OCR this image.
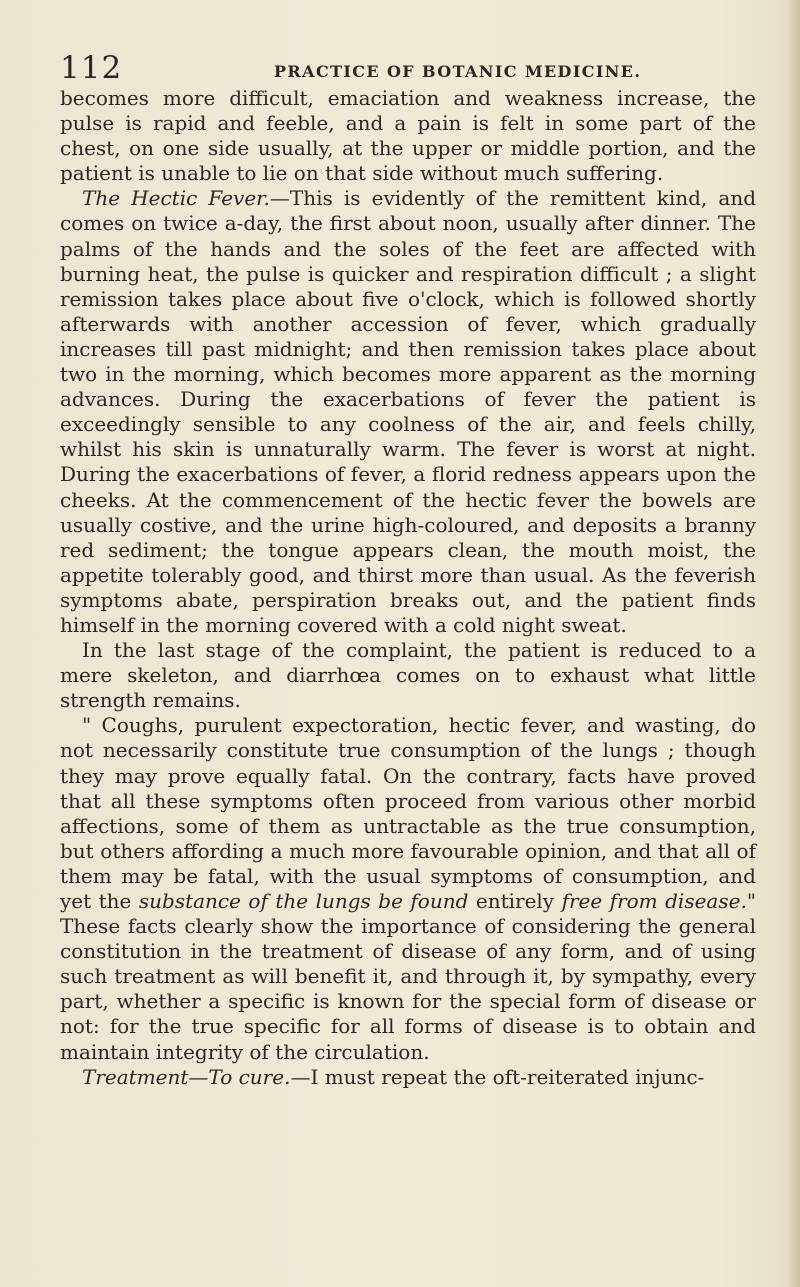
112	PRACTICE OF BOTANIC MEDICINE.

becomes more difficult, emaciation and weakness increase, the pulse is rapid and feeble, and a pain is felt in some part of the chest, on one side usually, at the upper or middle portion, and the patient is unable to lie on that side without much suffering.

The Hectic Fever.—This is evidently of the remittent kind, and comes on twice a-day, the first about noon, usually after dinner. The palms of the hands and the soles of the feet are affected with burning heat, the pulse is quicker and respiration difficult ; a slight remission takes place about five o'clock, which is followed shortly afterwards with another accession of fever, which gradually increases till past midnight; and then remission takes place about two in the morning, which becomes more apparent as the morning advances. During the exacerbations of fever the patient is exceedingly sensible to any coolness of the air, and feels chilly, whilst his skin is unnaturally warm. The fever is worst at night. During the exacerbations of fever, a florid redness appears upon the cheeks. At the commencement of the hectic fever the bowels are usually costive, and the urine high-coloured, and deposits a branny red sediment; the tongue appears clean, the mouth moist, the appetite tolerably good, and thirst more than usual. As the feverish symptoms abate, perspiration breaks out, and the patient finds himself in the morning covered with a cold night sweat.

In the last stage of the complaint, the patient is reduced to a mere skeleton, and diarrhœa comes on to exhaust what little strength remains.

" Coughs, purulent expectoration, hectic fever, and wasting, do not necessarily constitute true consumption of the lungs ; though they may prove equally fatal. On the contrary, facts have proved that all these symptoms often proceed from various other morbid affections, some of them as untractable as the true consumption, but others affording a much more favourable opinion, and that all of them may be fatal, with the usual symptoms of consumption, and yet the substance of the lungs be found entirely free from disease." These facts clearly show the importance of considering the general constitution in the treatment of disease of any form, and of using such treatment as will benefit it, and through it, by sympathy, every part, whether a specific is known for the special form of disease or not: for the true specific for all forms of disease is to obtain and maintain integrity of the circulation.

Treatment—To cure.—I must repeat the oft-reiterated injunc-
